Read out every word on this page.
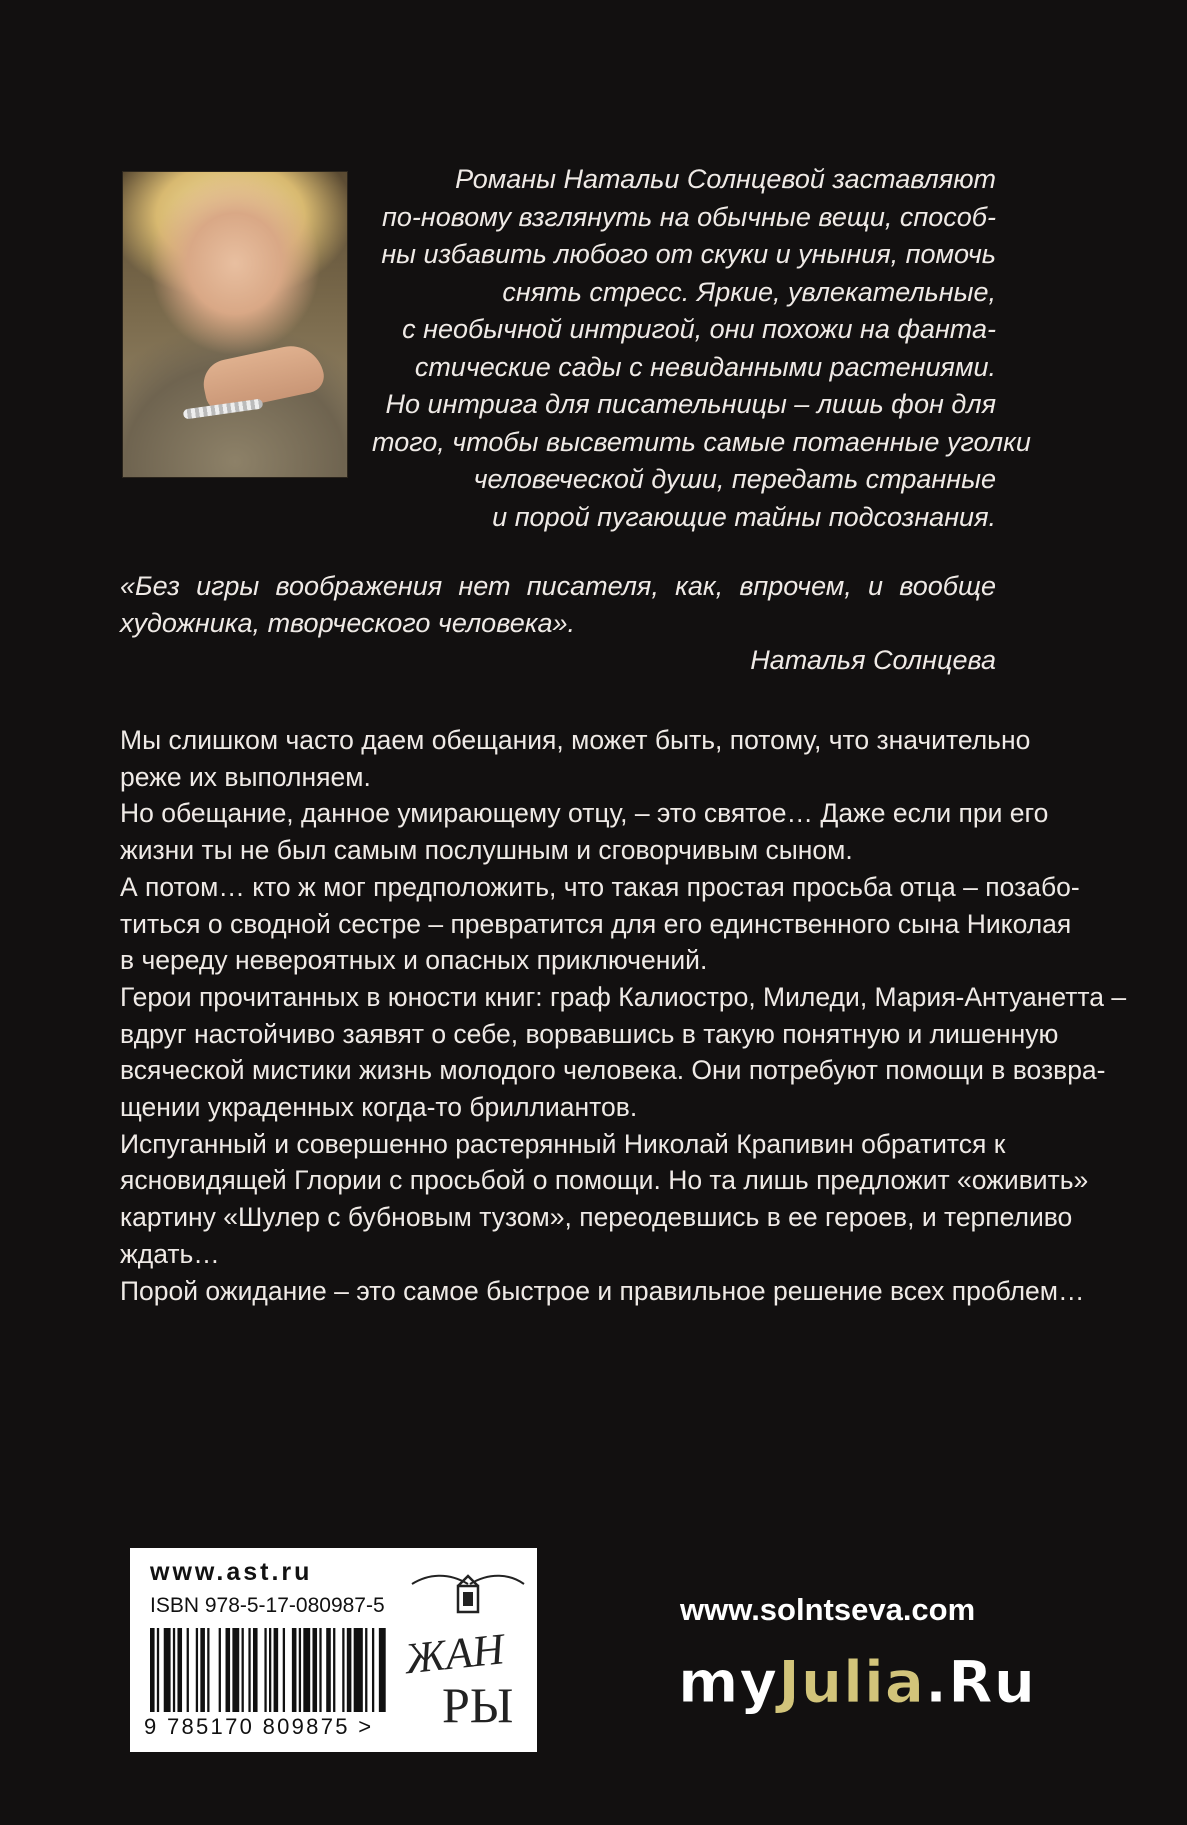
Романы Натальи Солнцевой заставляют
по-новому взглянуть на обычные вещи, способ-
ны избавить любого от скуки и уныния, помочь
снять стресс. Яркие, увлекательные,
с необычной интригой, они похожи на фанта-
стические сады с невиданными растениями.
Но интрига для писательницы – лишь фон для
того, чтобы высветить самые потаенные уголки
человеческой души, передать странные
и порой пугающие тайны подсознания.

«Без игры воображения нет писателя, как, впрочем, и вообще
художника, творческого человека».
Наталья Солнцева

Мы слишком часто даем обещания, может быть, потому, что значительно
реже их выполняем.
Но обещание, данное умирающему отцу, – это святое… Даже если при его
жизни ты не был самым послушным и сговорчивым сыном.
А потом… кто ж мог предположить, что такая простая просьба отца – позабо-
титься о сводной сестре – превратится для его единственного сына Николая
в череду невероятных и опасных приключений.
Герои прочитанных в юности книг: граф Калиостро, Миледи, Мария-Антуанетта –
вдруг настойчиво заявят о себе, ворвавшись в такую понятную и лишенную
всяческой мистики жизнь молодого человека. Они потребуют помощи в возвра-
щении украденных когда-то бриллиантов.
Испуганный и совершенно растерянный Николай Крапивин обратится к
ясновидящей Глории с просьбой о помощи. Но та лишь предложит «оживить»
картину «Шулер с бубновым тузом», переодевшись в ее героев, и терпеливо
ждать…
Порой ожидание – это самое быстрое и правильное решение всех проблем…

www.ast.ru
ISBN 978-5-17-080987-5
9 785170 809875 >
ЖАН
РЫ
www.solntseva.com
myJulia.Ru
